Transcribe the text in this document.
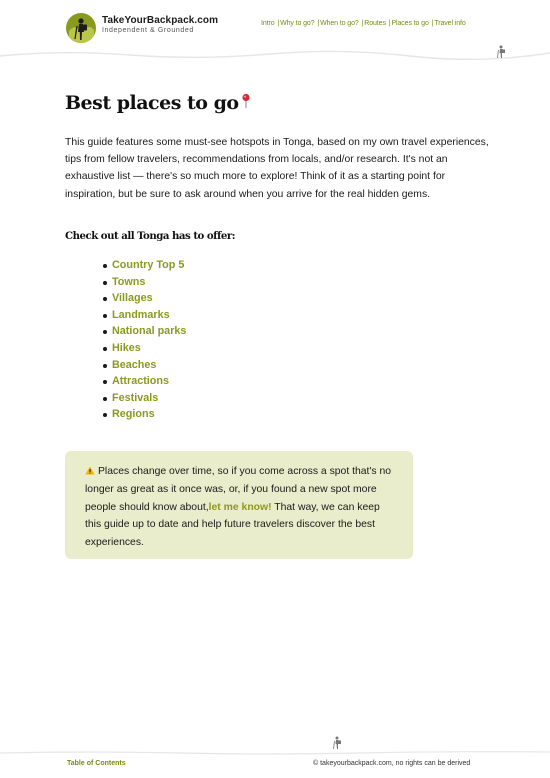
TakeYourBackpack.com
Independent & Grounded
Intro |Why to go? |When to go? |Routes |Places to go |Travel info
Best places to go

This guide features some must-see hotspots in Tonga, based on my own travel experiences, tips from fellow travelers, recommendations from locals, and/or research. It's not an exhaustive list — there's so much more to explore! Think of it as a starting point for inspiration, but be sure to ask around when you arrive for the real hidden gems.

Check out all Tonga has to offer:

Country Top 5
Towns
Villages
Landmarks
National parks
Hikes
Beaches
Attractions
Festivals
Regions
Places change over time, so if you come across a spot that's no longer as great as it once was, or, if you found a new spot more people should know about,let me know! That way, we can keep this guide up to date and help future travelers discover the best experiences.
Table of Contents	© takeyourbackpack.com, no rights can be derived
